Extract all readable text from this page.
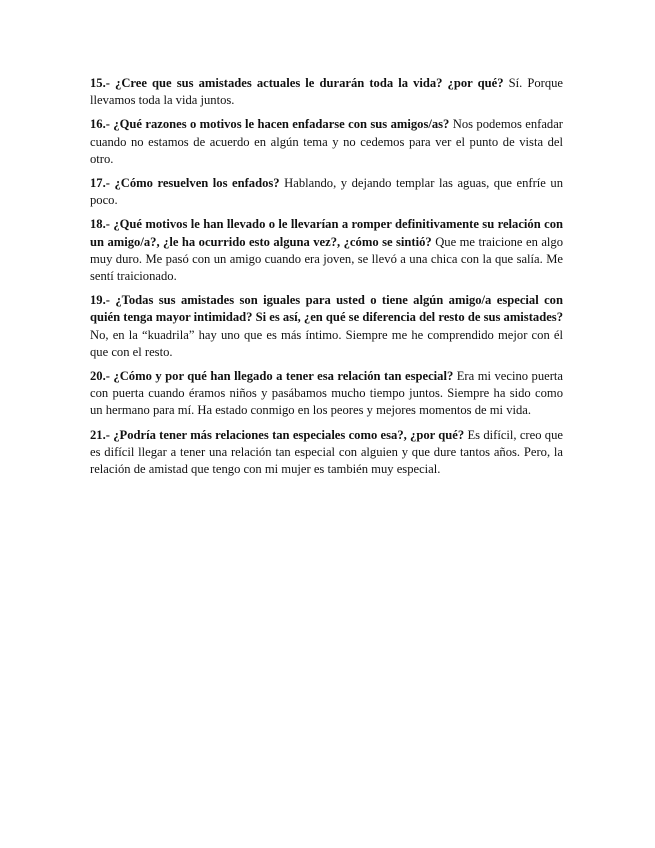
15.- ¿Cree que sus amistades actuales le durarán toda la vida? ¿por qué? Sí. Porque llevamos toda la vida juntos.

16.- ¿Qué razones o motivos le hacen enfadarse con sus amigos/as? Nos podemos enfadar cuando no estamos de acuerdo en algún tema y no cedemos para ver el punto de vista del otro.

17.- ¿Cómo resuelven los enfados? Hablando, y dejando templar las aguas, que enfríe un poco.

18.- ¿Qué motivos le han llevado o le llevarían a romper definitivamente su relación con un amigo/a?, ¿le ha ocurrido esto alguna vez?, ¿cómo se sintió? Que me traicione en algo muy duro. Me pasó con un amigo cuando era joven, se llevó a una chica con la que salía. Me sentí traicionado.

19.- ¿Todas sus amistades son iguales para usted o tiene algún amigo/a especial con quién tenga mayor intimidad? Si es así, ¿en qué se diferencia del resto de sus amistades? No, en la “kuadrila” hay uno que es más íntimo. Siempre me he comprendido mejor con él que con el resto.

20.- ¿Cómo y por qué han llegado a tener esa relación tan especial? Era mi vecino puerta con puerta cuando éramos niños y pasábamos mucho tiempo juntos. Siempre ha sido como un hermano para mí. Ha estado conmigo en los peores y mejores momentos de mi vida.

21.- ¿Podría tener más relaciones tan especiales como esa?, ¿por qué? Es difícil, creo que es difícil llegar a tener una relación tan especial con alguien y que dure tantos años. Pero, la relación de amistad que tengo con mi mujer es también muy especial.
